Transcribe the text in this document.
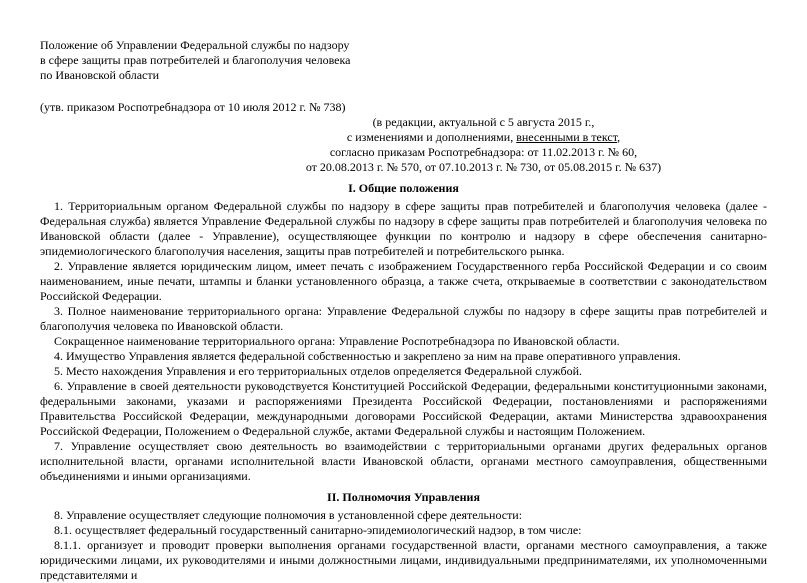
Положение об Управлении Федеральной службы по надзору
в сфере защиты прав потребителей и благополучия человека
по Ивановской области
(утв. приказом Роспотребнадзора от 10 июля 2012 г. № 738)
(в редакции, актуальной с 5 августа 2015 г.,
с изменениями и дополнениями, внесенными в текст,
согласно приказам Роспотребнадзора: от 11.02.2013 г. № 60,
от 20.08.2013 г. № 570, от 07.10.2013 г. № 730, от 05.08.2015 г. № 637)
I. Общие положения

1. Территориальным органом Федеральной службы по надзору в сфере защиты прав потребителей и благополучия человека (далее - Федеральная служба) является Управление Федеральной службы по надзору в сфере защиты прав потребителей и благополучия человека по Ивановской области (далее - Управление), осуществляющее функции по контролю и надзору в сфере обеспечения санитарно-эпидемиологического благополучия населения, защиты прав потребителей и потребительского рынка.

2. Управление является юридическим лицом, имеет печать с изображением Государственного герба Российской Федерации и со своим наименованием, иные печати, штампы и бланки установленного образца, а также счета, открываемые в соответствии с законодательством Российской Федерации.

3. Полное наименование территориального органа: Управление Федеральной службы по надзору в сфере защиты прав потребителей и благополучия человека по Ивановской области.

Сокращенное наименование территориального органа: Управление Роспотребнадзора по Ивановской области.

4. Имущество Управления является федеральной собственностью и закреплено за ним на праве оперативного управления.

5. Место нахождения Управления и его территориальных отделов определяется Федеральной службой.

6. Управление в своей деятельности руководствуется Конституцией Российской Федерации, федеральными конституционными законами, федеральными законами, указами и распоряжениями Президента Российской Федерации, постановлениями и распоряжениями Правительства Российской Федерации, международными договорами Российской Федерации, актами Министерства здравоохранения Российской Федерации, Положением о Федеральной службе, актами Федеральной службы и настоящим Положением.

7. Управление осуществляет свою деятельность во взаимодействии с территориальными органами других федеральных органов исполнительной власти, органами исполнительной власти Ивановской области, органами местного самоуправления, общественными объединениями и иными организациями.

II. Полномочия Управления

8. Управление осуществляет следующие полномочия в установленной сфере деятельности:

8.1. осуществляет федеральный государственный санитарно-эпидемиологический надзор, в том числе:

8.1.1. организует и проводит проверки выполнения органами государственной власти, органами местного самоуправления, а также юридическими лицами, их руководителями и иными должностными лицами, индивидуальными предпринимателями, их уполномоченными представителями и
